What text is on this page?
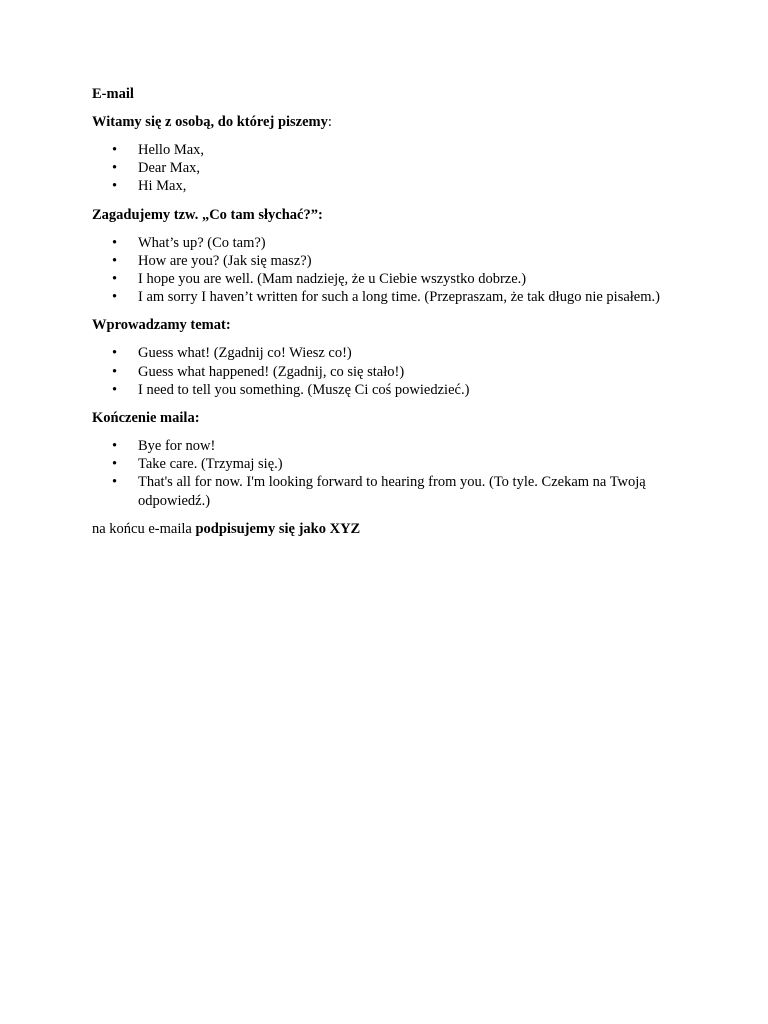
E-mail

Witamy się z osobą, do której piszemy:

• Hello Max,
• Dear Max,
• Hi Max,

Zagadujemy tzw. „Co tam słychać?”:

• What’s up? (Co tam?)
• How are you? (Jak się masz?)
• I hope you are well. (Mam nadzieję, że u Ciebie wszystko dobrze.)
• I am sorry I haven’t written for such a long time. (Przepraszam, że tak długo nie pisałem.)

Wprowadzamy temat:

• Guess what! (Zgadnij co! Wiesz co!)
• Guess what happened! (Zgadnij, co się stało!)
• I need to tell you something. (Muszę Ci coś powiedzieć.)

Kończenie maila:

• Bye for now!
• Take care. (Trzymaj się.)
• That's all for now. I'm looking forward to hearing from you. (To tyle. Czekam na Twoją odpowiedź.)

na końcu e-maila podpisujemy się jako XYZ
